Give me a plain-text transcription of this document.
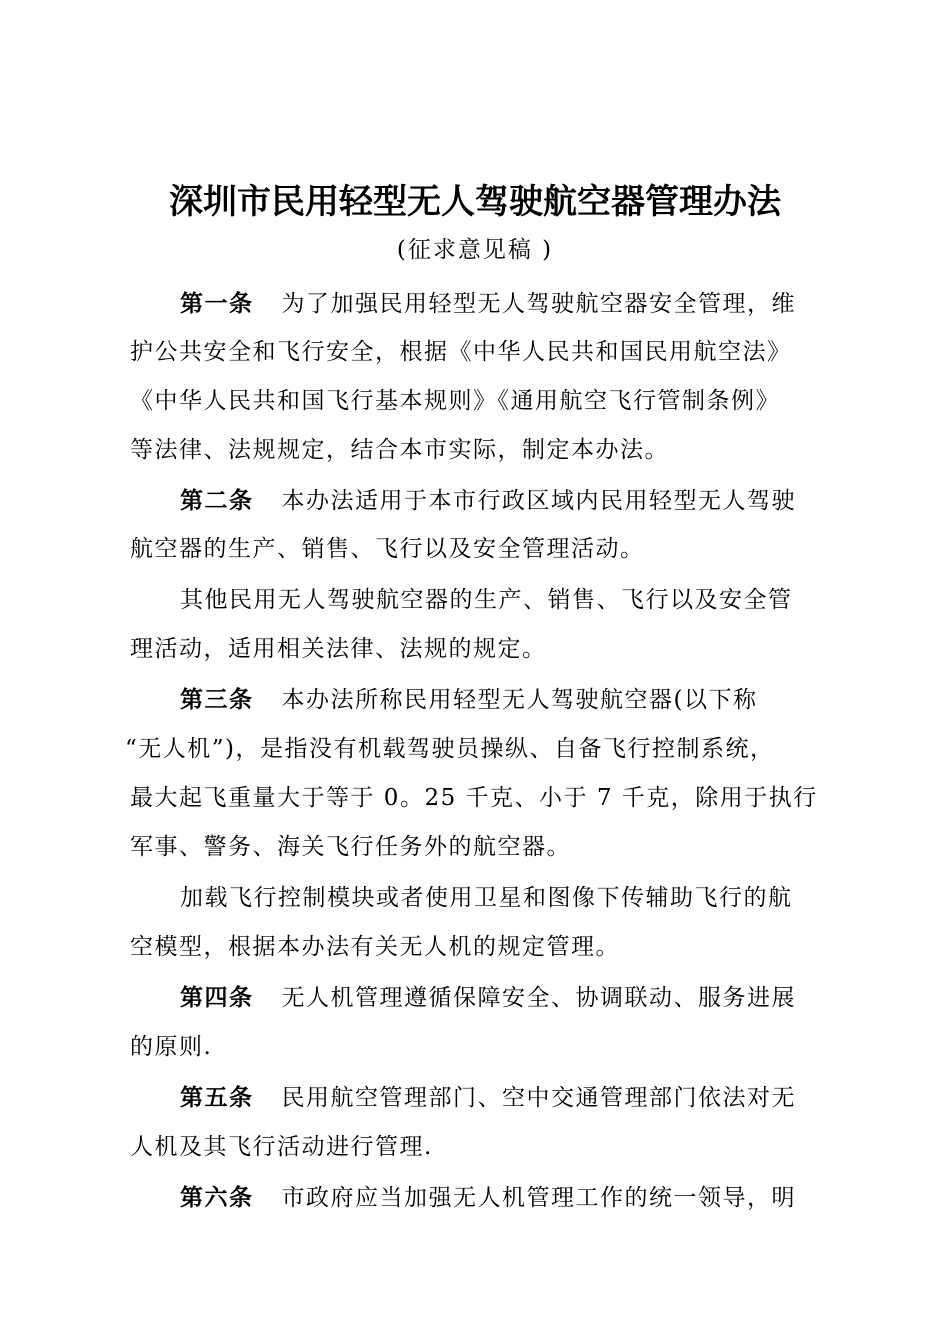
深圳市民用轻型无人驾驶航空器管理办法
(征求意见稿 )
第一条 为了加强民用轻型无人驾驶航空器安全管理，维
护公共安全和飞行安全，根据《中华人民共和国民用航空法》
《中华人民共和国飞行基本规则》《通用航空飞行管制条例》
等法律、法规规定，结合本市实际，制定本办法。
第二条 本办法适用于本市行政区域内民用轻型无人驾驶
航空器的生产、销售、飞行以及安全管理活动。
其他民用无人驾驶航空器的生产、销售、飞行以及安全管
理活动，适用相关法律、法规的规定。
第三条 本办法所称民用轻型无人驾驶航空器(以下称
“无人机”)，是指没有机载驾驶员操纵、自备飞行控制系统，
最大起飞重量大于等于 0。25 千克、小于 7 千克，除用于执行
军事、警务、海关飞行任务外的航空器。
加载飞行控制模块或者使用卫星和图像下传辅助飞行的航
空模型，根据本办法有关无人机的规定管理。
第四条 无人机管理遵循保障安全、协调联动、服务进展
的原则.
第五条 民用航空管理部门、空中交通管理部门依法对无
人机及其飞行活动进行管理.
第六条 市政府应当加强无人机管理工作的统一领导，明
